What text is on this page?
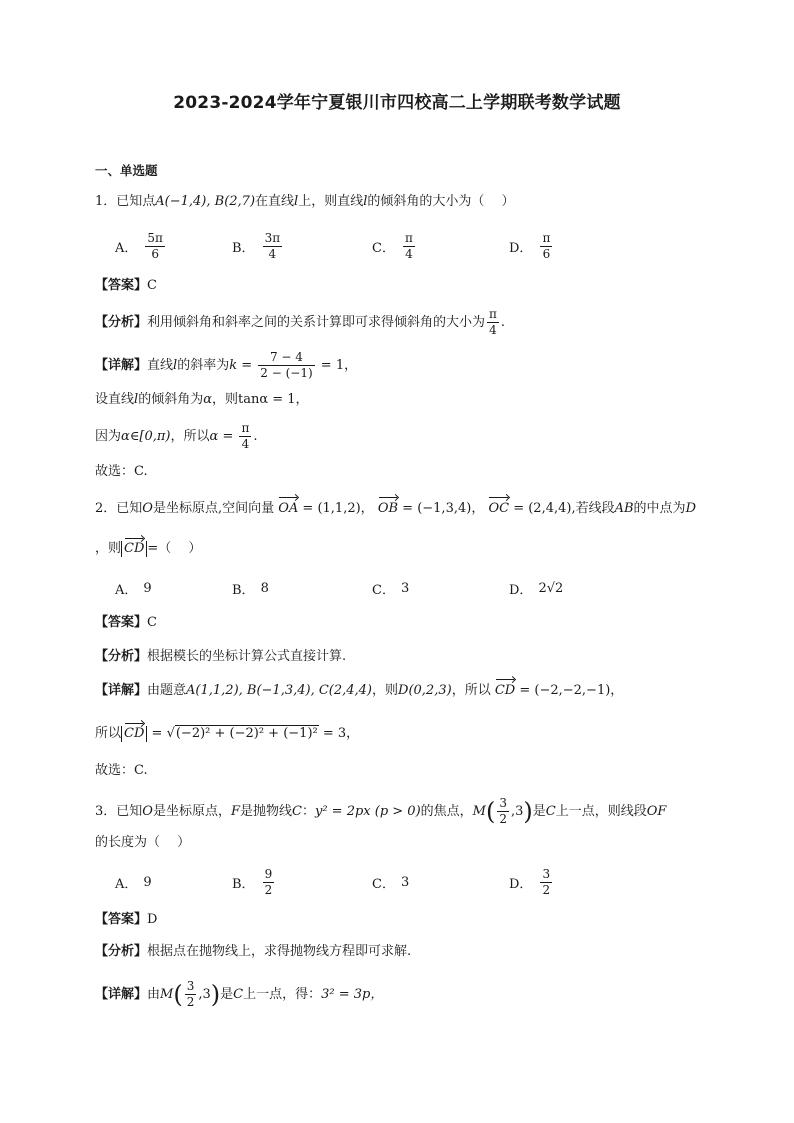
2023-2024学年宁夏银川市四校高二上学期联考数学试题
一、单选题
1．已知点A(−1,4), B(2,7)在直线l上，则直线l的倾斜角的大小为（　 ）
A． $\frac{5\pi}{6}$	B． $\frac{3\pi}{4}$	C． $\frac{\pi}{4}$	D． $\frac{\pi}{6}$
【答案】C
【分析】利用倾斜角和斜率之间的关系计算即可求得倾斜角的大小为 $\frac{\pi}{4}$ .
【详解】直线l的斜率为$k = \frac{7 - 4}{2 - (-1)} = 1$，
设直线l的倾斜角为α，则tanα = 1，
因为α∈[0,π)，所以$\alpha = \frac{\pi}{4}$ .
故选：C.
2．已知O是坐标原点,空间向量 OA = (1,1,2)， OB = (−1,3,4)， OC = (2,4,4),若线段AB的中点为D
，则 CD =（　 ）
A． 9	B． 8	C． 3	D． 2√2
【答案】C
【分析】根据模长的坐标计算公式直接计算.
【详解】由题意A(1,1,2), B(−1,3,4), C(2,4,4)，则D(0,2,3)，所以 CD = (−2,−2,−1)，
所以 CD = √(−2)² + (−2)² + (−1)² = 3，
故选：C.
3．已知O是坐标原点，F是抛物线C：y² = 2px (p > 0)的焦点，$M( \frac{3}{2} ,3)$是C上一点，则线段OF
的长度为（　 ）
A． 9	B． $\frac{9}{2}$	C． 3	D． $\frac{3}{2}$
【答案】D
【分析】根据点在抛物线上，求得抛物线方程即可求解.
【详解】由$M( \frac{3}{2} ,3)$是C上一点，得：3² = 3p，
